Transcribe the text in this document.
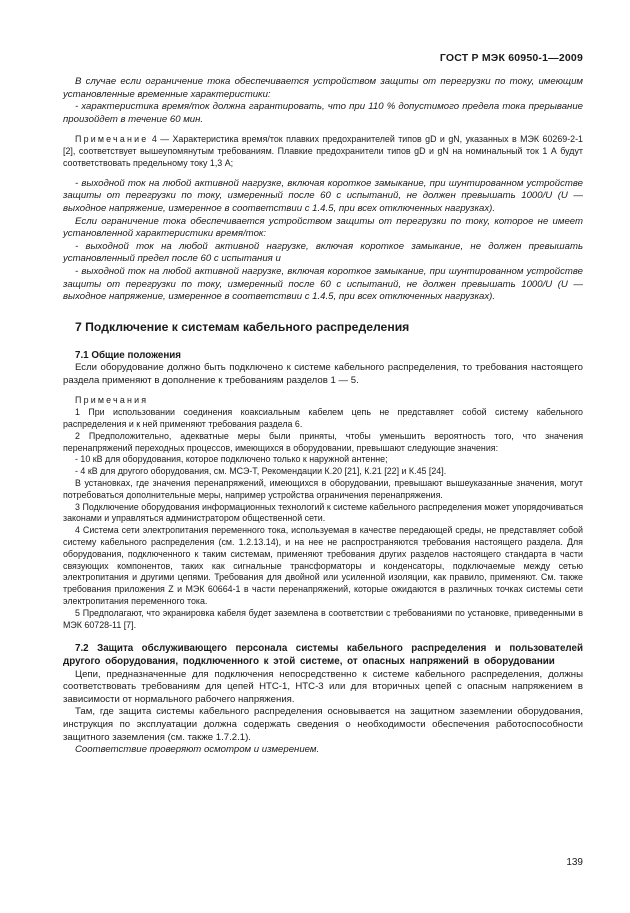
ГОСТ Р МЭК 60950-1—2009

В случае если ограничение тока обеспечивается устройством защиты от перегрузки по току, имеющим установленные временные характеристики:

- характеристика время/ток должна гарантировать, что при 110 % допустимого предела тока прерывание произойдет в течение 60 мин.

Примечание 4 — Характеристика время/ток плавких предохранителей типов gD и gN, указанных в МЭК 60269-2-1 [2], соответствует вышеупомянутым требованиям. Плавкие предохранители типов gD и gN на номинальный ток 1 А будут соответствовать предельному току 1,3 А;

- выходной ток на любой активной нагрузке, включая короткое замыкание, при шунтированном устройстве защиты от перегрузки по току, измеренный после 60 с испытаний, не должен превышать 1000/U (U — выходное напряжение, измеренное в соответствии с 1.4.5, при всех отключенных нагрузках).

Если ограничение тока обеспечивается устройством защиты от перегрузки по току, которое не имеет установленной характеристики время/ток:

- выходной ток на любой активной нагрузке, включая короткое замыкание, не должен превышать установленный предел после 60 с испытания и

- выходной ток на любой активной нагрузке, включая короткое замыкание, при шунтированном устройстве защиты от перегрузки по току, измеренный после 60 с испытаний, не должен превышать 1000/U (U — выходное напряжение, измеренное в соответствии с 1.4.5, при всех отключенных нагрузках).

7 Подключение к системам кабельного распределения
7.1 Общие положения

Если оборудование должно быть подключено к системе кабельного распределения, то требования настоящего раздела применяют в дополнение к требованиям разделов 1 — 5.

Примечания

1 При использовании соединения коаксиальным кабелем цепь не представляет собой систему кабельного распределения и к ней применяют требования раздела 6.

2 Предположительно, адекватные меры были приняты, чтобы уменьшить вероятность того, что значения перенапряжений переходных процессов, имеющихся в оборудовании, превышают следующие значения:

- 10 кВ для оборудования, которое подключено только к наружной антенне;

- 4 кВ для другого оборудования, см. МСЭ-Т, Рекомендации К.20 [21], К.21 [22] и К.45 [24].

В установках, где значения перенапряжений, имеющихся в оборудовании, превышают вышеуказанные значения, могут потребоваться дополнительные меры, например устройства ограничения перенапряжения.

3 Подключение оборудования информационных технологий к системе кабельного распределения может упорядочиваться законами и управляться администратором общественной сети.

4 Система сети электропитания переменного тока, используемая в качестве передающей среды, не представляет собой систему кабельного распределения (см. 1.2.13.14), и на нее не распространяются требования настоящего раздела. Для оборудования, подключенного к таким системам, применяют требования других разделов настоящего стандарта в части связующих компонентов, таких как сигнальные трансформаторы и конденсаторы, подключаемые между сетью электропитания и другими цепями. Требования для двойной или усиленной изоляции, как правило, применяют. См. также требования приложения Z и МЭК 60664-1 в части перенапряжений, которые ожидаются в различных точках системы сети электропитания переменного тока.

5 Предполагают, что экранировка кабеля будет заземлена в соответствии с требованиями по установке, приведенными в МЭК 60728-11 [7].

7.2 Защита обслуживающего персонала системы кабельного распределения и пользователей другого оборудования, подключенного к этой системе, от опасных напряжений в оборудовании

Цепи, предназначенные для подключения непосредственно к системе кабельного распределения, должны соответствовать требованиям для цепей НТС-1, НТС-3 или для вторичных цепей с опасным напряжением в зависимости от нормального рабочего напряжения.

Там, где защита системы кабельного распределения основывается на защитном заземлении оборудования, инструкция по эксплуатации должна содержать сведения о необходимости обеспечения работоспособности защитного заземления (см. также 1.7.2.1).

Соответствие проверяют осмотром и измерением.

139
